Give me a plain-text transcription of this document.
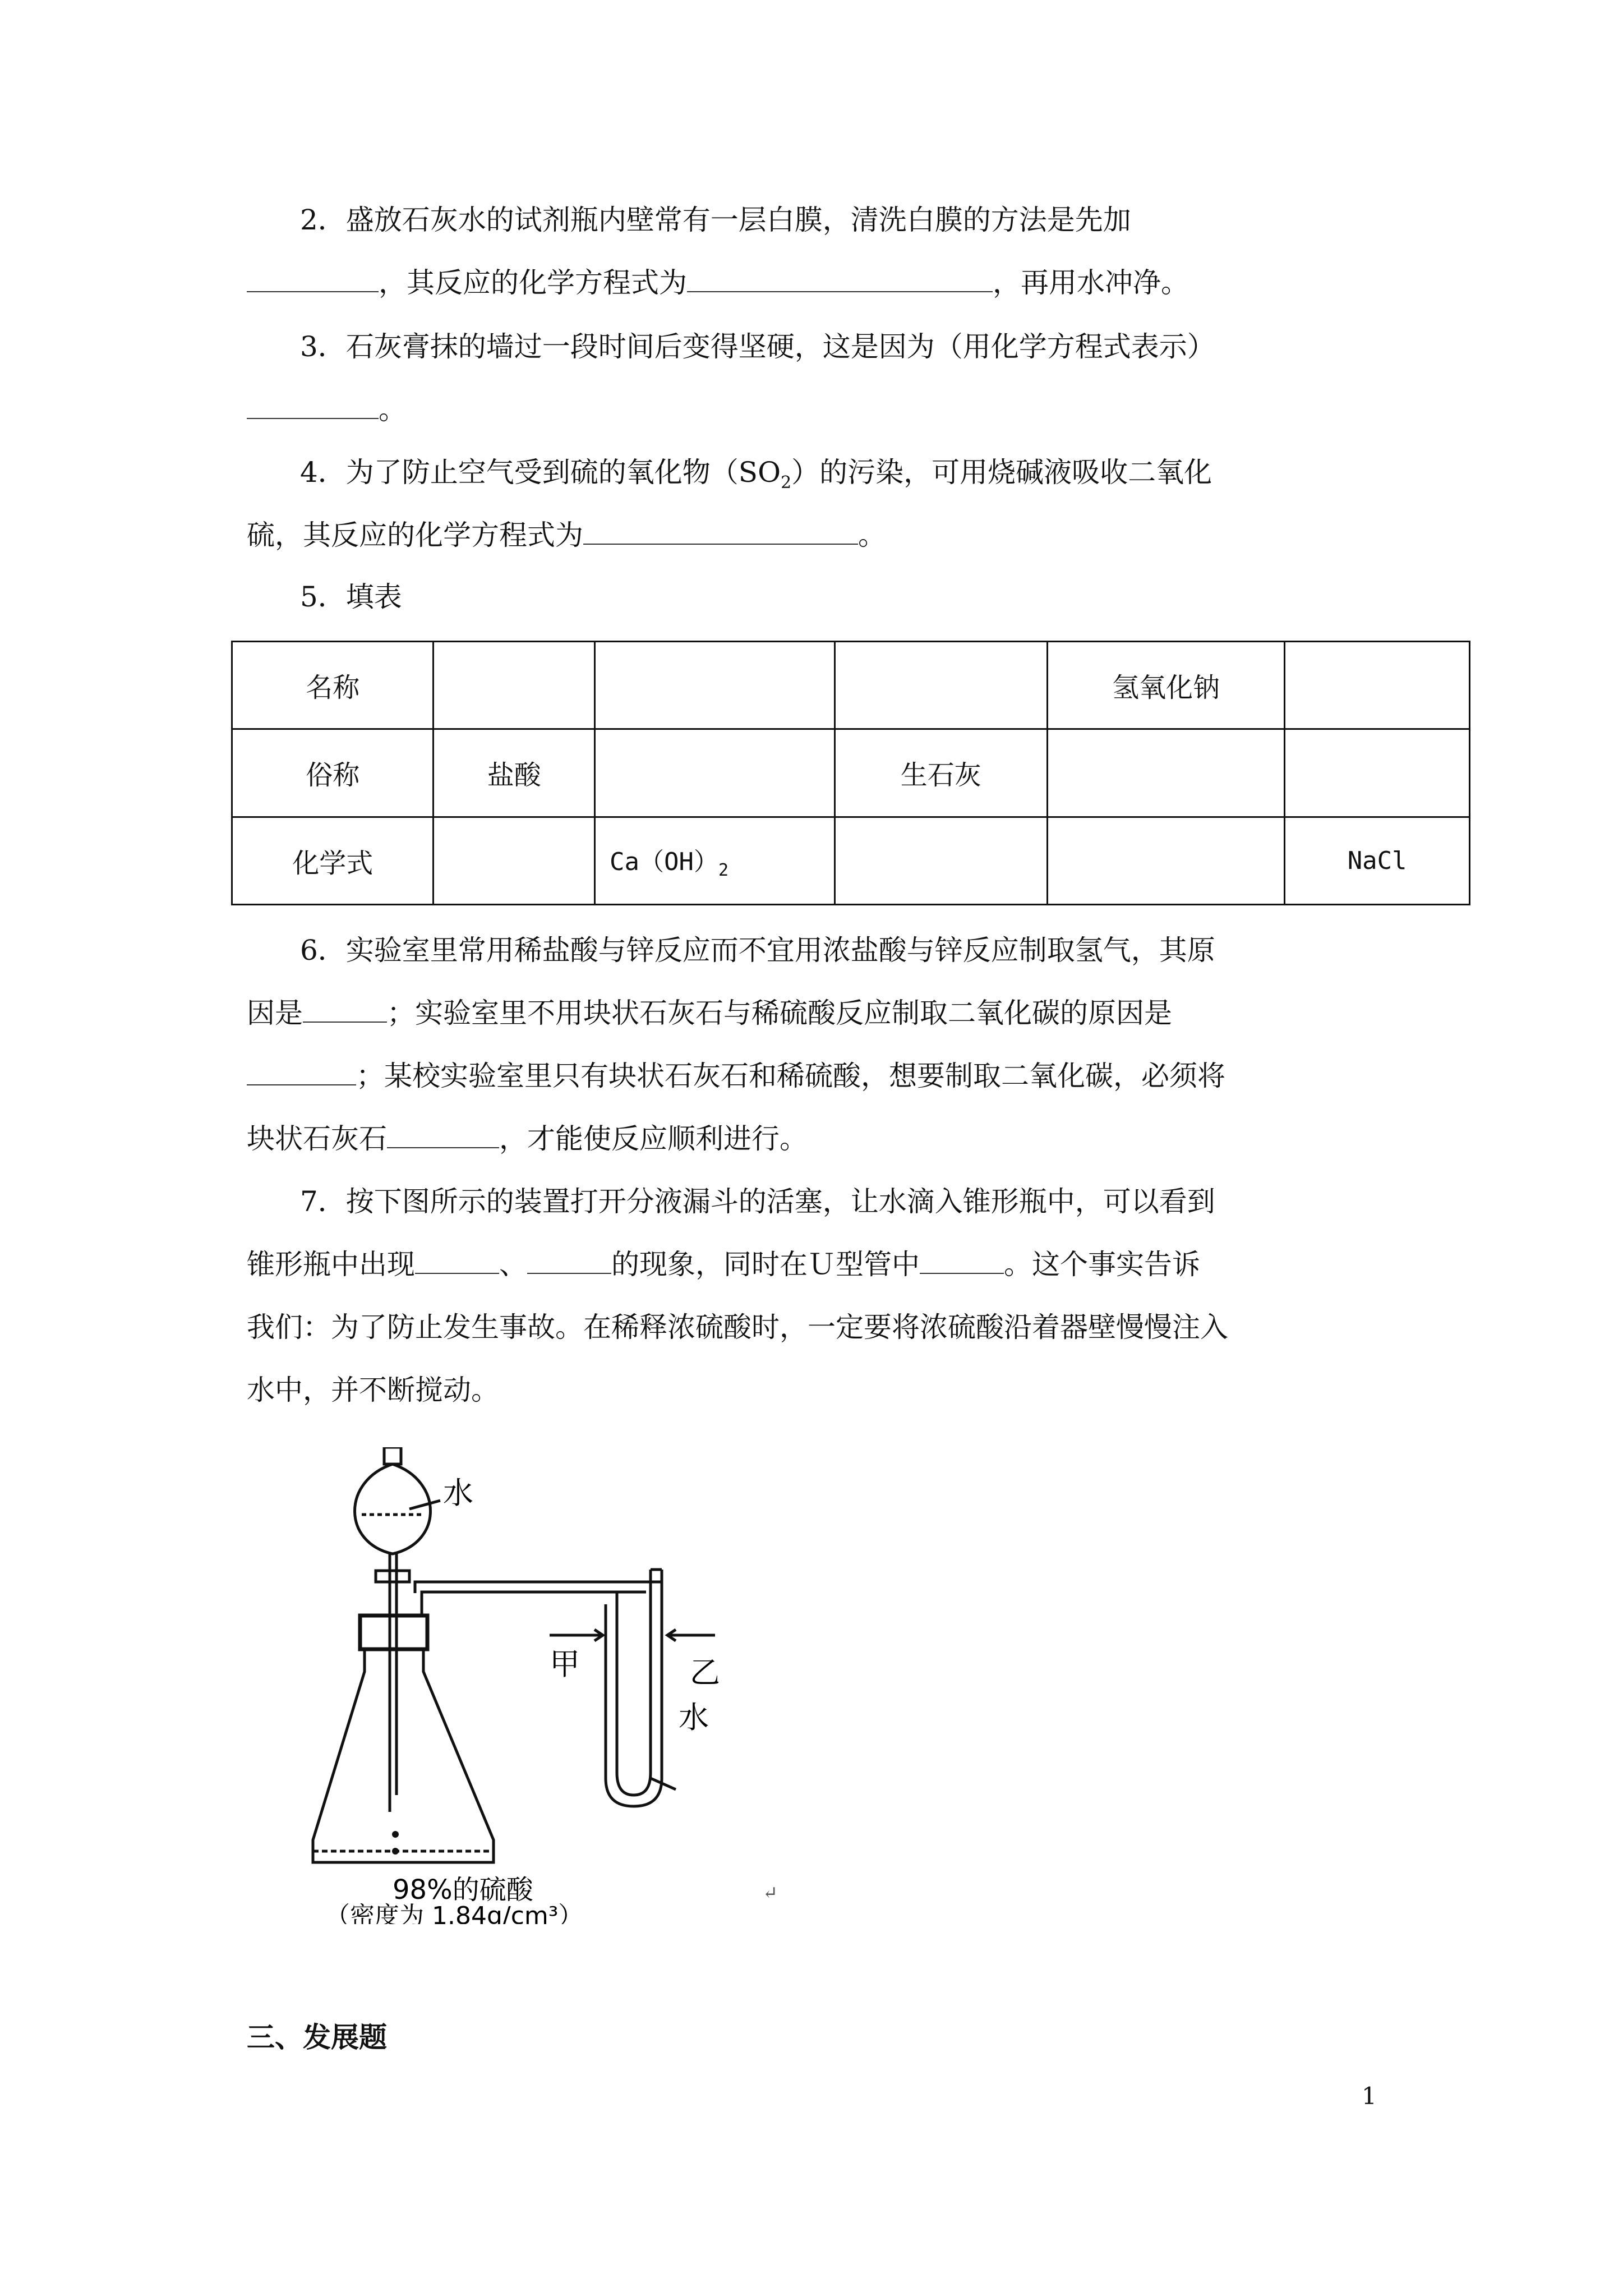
2．盛放石灰水的试剂瓶内壁常有一层白膜，清洗白膜的方法是先加
，其反应的化学方程式为	，再用水冲净。
3．石灰膏抹的墙过一段时间后变得坚硬，这是因为（用化学方程式表示）
。
4．为了防止空气受到硫的氧化物$(SO_2)$的污染，可用烧碱液吸收二氧化
硫，其反应的化学方程式为	。
5．填表
名称				氢氧化钠	
俗称	盐酸		生石灰		
化学式		$Ca(OH)_2$			NaCl
6．实验室里常用稀盐酸与锌反应而不宜用浓盐酸与锌反应制取氢气，其原
因是	；实验室里不用块状石灰石与稀硫酸反应制取二氧化碳的原因是
；某校实验室里只有块状石灰石和稀硫酸，想要制取二氧化碳，必须将
块状石灰石	，才能使反应顺利进行。
7．按下图所示的装置打开分液漏斗的活塞，让水滴入锥形瓶中，可以看到
锥形瓶中出现	、	的现象，同时在Ｕ型管中	。这个事实告诉
我们：为了防止发生事故。在稀释浓硫酸时，一定要将浓硫酸沿着器壁慢慢注入
水中，并不断搅动。
水
甲	乙
水
98%的硫酸
（密度为 1.84g/cm³）
↵
三、发展题
1
